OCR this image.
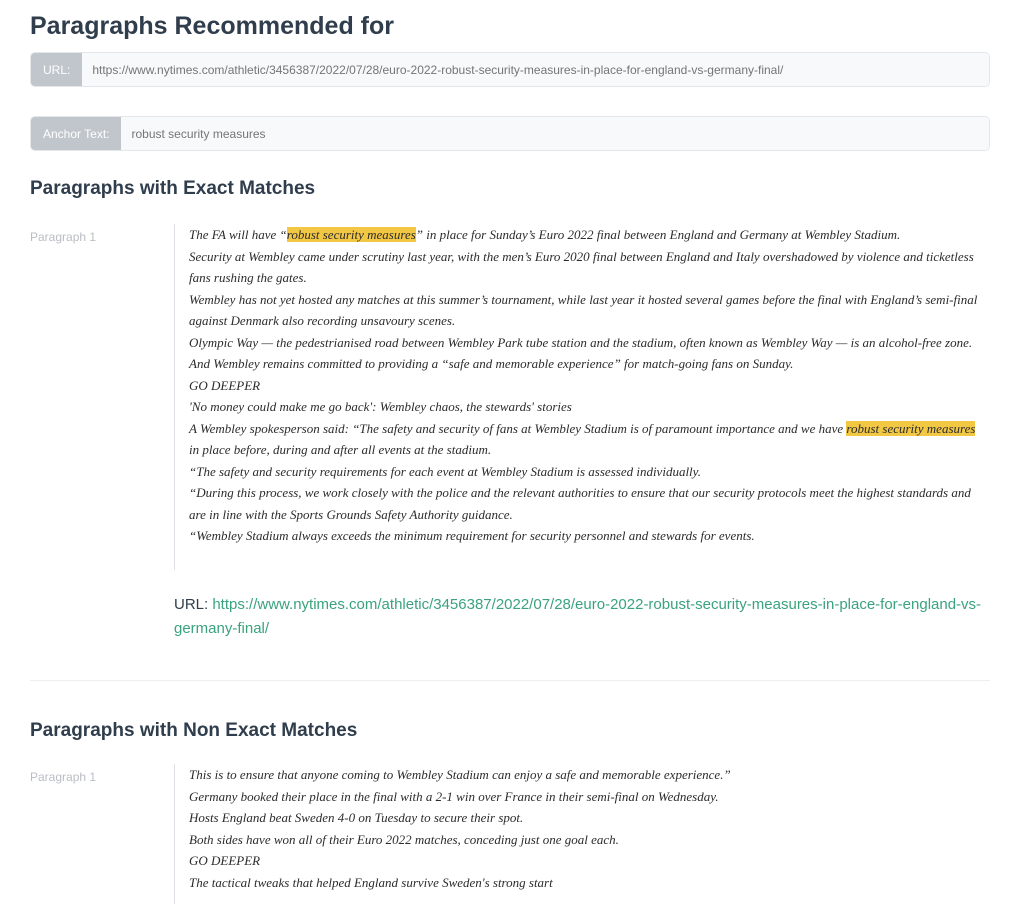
Paragraphs Recommended for
URL:
https://www.nytimes.com/athletic/3456387/2022/07/28/euro-2022-robust-security-measures-in-place-for-england-vs-germany-final/
Anchor Text:
robust security measures
Paragraphs with Exact Matches
Paragraph 1	The FA will have “robust security measures” in place for Sunday’s Euro 2022 final between England and Germany at Wembley Stadium.
Security at Wembley came under scrutiny last year, with the men’s Euro 2020 final between England and Italy overshadowed by violence and ticketless fans rushing the gates.
Wembley has not yet hosted any matches at this summer’s tournament, while last year it hosted several games before the final with England’s semi-final against Denmark also recording unsavoury scenes.
Olympic Way — the pedestrianised road between Wembley Park tube station and the stadium, often known as Wembley Way — is an alcohol-free zone.
And Wembley remains committed to providing a “safe and memorable experience” for match-going fans on Sunday.
GO DEEPER
'No money could make me go back': Wembley chaos, the stewards' stories
A Wembley spokesperson said: “The safety and security of fans at Wembley Stadium is of paramount importance and we have robust security measures in place before, during and after all events at the stadium.
“The safety and security requirements for each event at Wembley Stadium is assessed individually.
“During this process, we work closely with the police and the relevant authorities to ensure that our security protocols meet the highest standards and are in line with the Sports Grounds Safety Authority guidance.
“Wembley Stadium always exceeds the minimum requirement for security personnel and stewards for events.
URL: https://www.nytimes.com/athletic/3456387/2022/07/28/euro-2022-robust-security-measures-in-place-for-england-vs-germany-final/
Paragraphs with Non Exact Matches
Paragraph 1	This is to ensure that anyone coming to Wembley Stadium can enjoy a safe and memorable experience.”
Germany booked their place in the final with a 2-1 win over France in their semi-final on Wednesday.
Hosts England beat Sweden 4-0 on Tuesday to secure their spot.
Both sides have won all of their Euro 2022 matches, conceding just one goal each.
GO DEEPER
The tactical tweaks that helped England survive Sweden's strong start
